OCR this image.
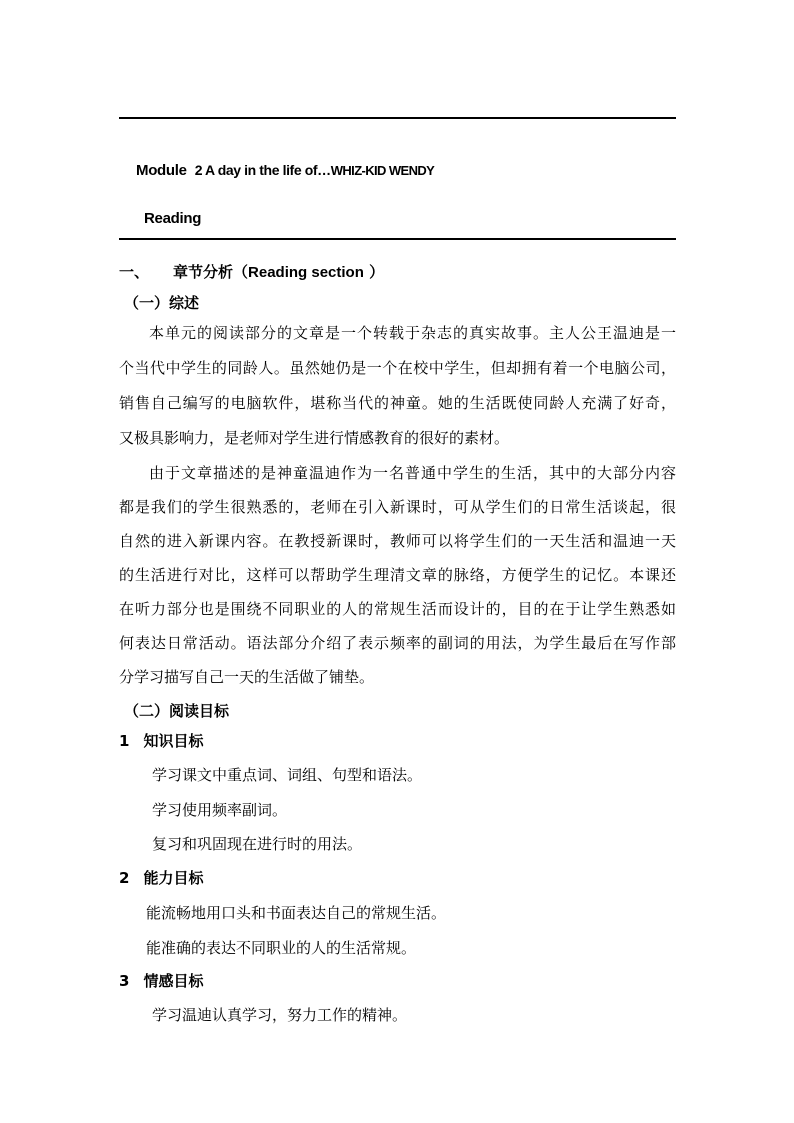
Module 2 A day in the life of…WHIZ-KID WENDY
Reading
一、 章节分析（Reading section ）
（一）综述
本单元的阅读部分的文章是一个转载于杂志的真实故事。主人公王温迪是一
个当代中学生的同龄人。虽然她仍是一个在校中学生，但却拥有着一个电脑公司，
销售自己编写的电脑软件，堪称当代的神童。她的生活既使同龄人充满了好奇，
又极具影响力，是老师对学生进行情感教育的很好的素材。
由于文章描述的是神童温迪作为一名普通中学生的生活，其中的大部分内容
都是我们的学生很熟悉的，老师在引入新课时，可从学生们的日常生活谈起，很
自然的进入新课内容。在教授新课时，教师可以将学生们的一天生活和温迪一天
的生活进行对比，这样可以帮助学生理清文章的脉络，方便学生的记忆。本课还
在听力部分也是围绕不同职业的人的常规生活而设计的，目的在于让学生熟悉如
何表达日常活动。语法部分介绍了表示频率的副词的用法，为学生最后在写作部
分学习描写自己一天的生活做了铺垫。
（二）阅读目标
1 知识目标
学习课文中重点词、词组、句型和语法。
学习使用频率副词。
复习和巩固现在进行时的用法。
2 能力目标
能流畅地用口头和书面表达自己的常规生活。
能准确的表达不同职业的人的生活常规。
3 情感目标
学习温迪认真学习，努力工作的精神。
